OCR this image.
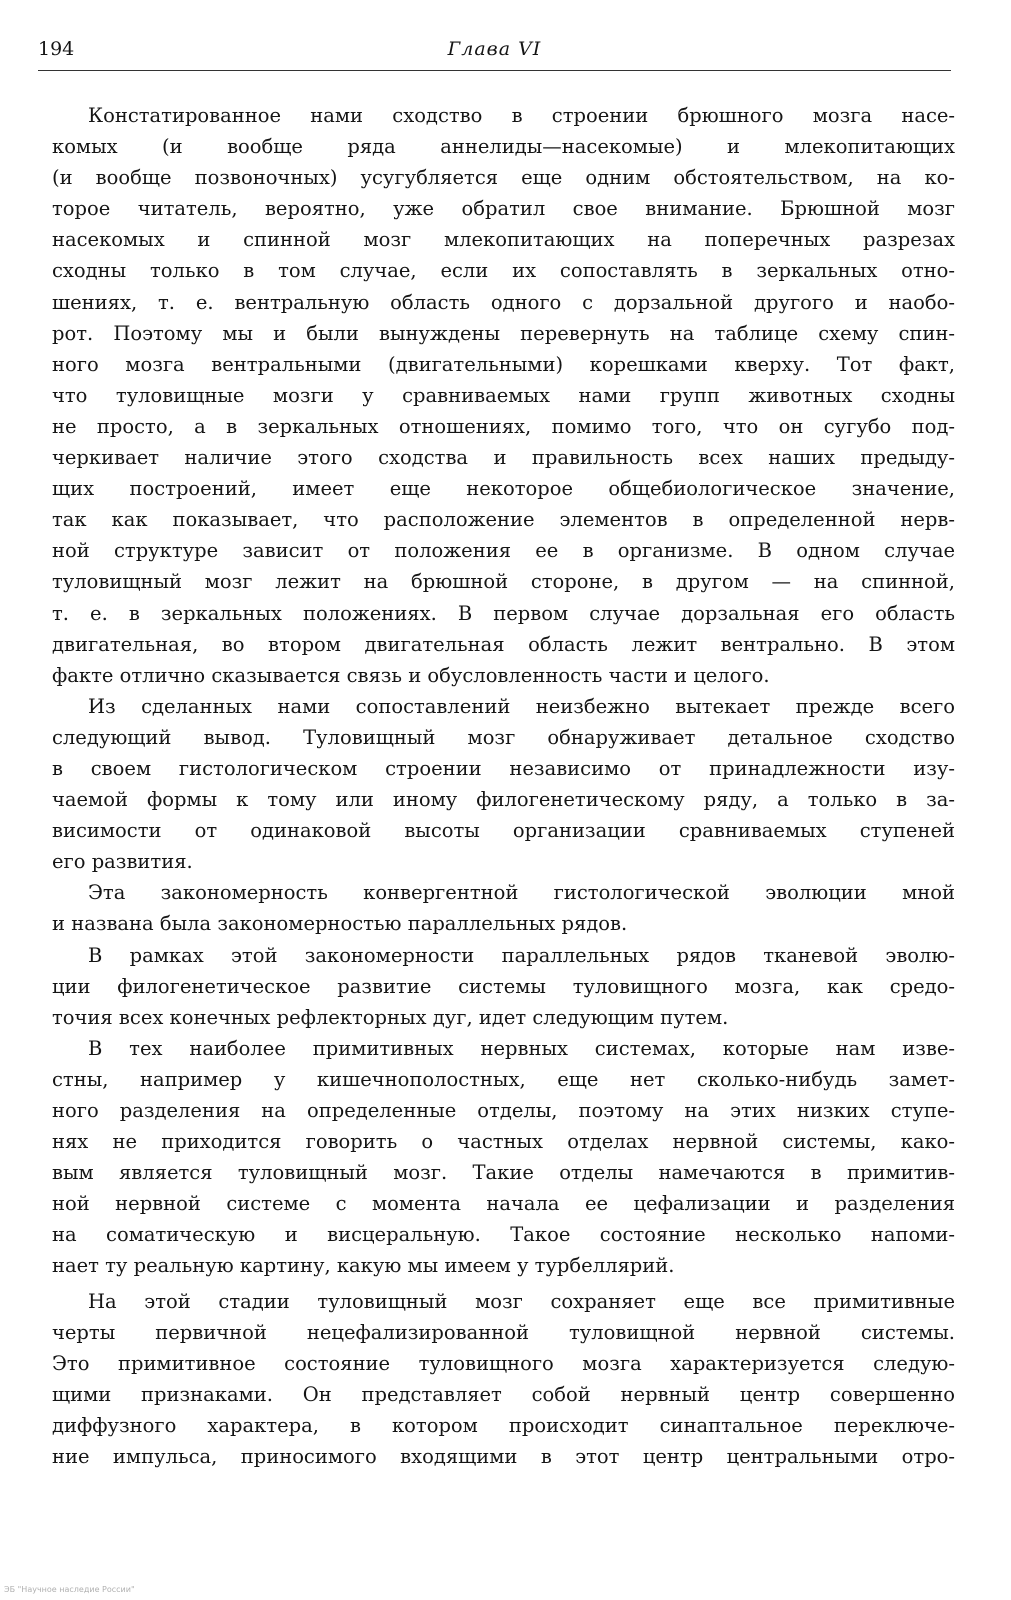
194	Глава VI
Констатированное нами сходство в строении брюшного мозга насе-
комых (и вообще ряда аннелиды—насекомые) и млекопитающих
(и вообще позвоночных) усугубляется еще одним обстоятельством, на ко-
торое читатель, вероятно, уже обратил свое внимание. Брюшной мозг
насекомых и спинной мозг млекопитающих на поперечных разрезах
сходны только в том случае, если их сопоставлять в зеркальных отно-
шениях, т. е. вентральную область одного с дорзальной другого и наобо-
рот. Поэтому мы и были вынуждены перевернуть на таблице схему спин-
ного мозга вентральными (двигательными) корешками кверху. Тот факт,
что туловищные мозги у сравниваемых нами групп животных сходны
не просто, а в зеркальных отношениях, помимо того, что он сугубо под-
черкивает наличие этого сходства и правильность всех наших предыду-
щих построений, имеет еще некоторое общебиологическое значение,
так как показывает, что расположение элементов в определенной нерв-
ной структуре зависит от положения ее в организме. В одном случае
туловищный мозг лежит на брюшной стороне, в другом — на спинной,
т. е. в зеркальных положениях. В первом случае дорзальная его область
двигательная, во втором двигательная область лежит вентрально. В этом
факте отлично сказывается связь и обусловленность части и целого.
Из сделанных нами сопоставлений неизбежно вытекает прежде всего
следующий вывод. Туловищный мозг обнаруживает детальное сходство
в своем гистологическом строении независимо от принадлежности изу-
чаемой формы к тому или иному филогенетическому ряду, а только в за-
висимости от одинаковой высоты организации сравниваемых ступеней
его развития.
Эта закономерность конвергентной гистологической эволюции мной
и названа была закономерностью параллельных рядов.
В рамках этой закономерности параллельных рядов тканевой эволю-
ции филогенетическое развитие системы туловищного мозга, как средо-
точия всех конечных рефлекторных дуг, идет следующим путем.
В тех наиболее примитивных нервных системах, которые нам изве-
стны, например у кишечнополостных, еще нет сколько-нибудь замет-
ного разделения на определенные отделы, поэтому на этих низких ступе-
нях не приходится говорить о частных отделах нервной системы, како-
вым является туловищный мозг. Такие отделы намечаются в примитив-
ной нервной системе с момента начала ее цефализации и разделения
на соматическую и висцеральную. Такое состояние несколько напоми-
нает ту реальную картину, какую мы имеем у турбеллярий.
На этой стадии туловищный мозг сохраняет еще все примитивные
черты первичной нецефализированной туловищной нервной системы.
Это примитивное состояние туловищного мозга характеризуется следую-
щими признаками. Он представляет собой нервный центр совершенно
диффузного характера, в котором происходит синаптальное переключе-
ние импульса, приносимого входящими в этот центр центральными отро-
ЭБ "Научное наследие России"
